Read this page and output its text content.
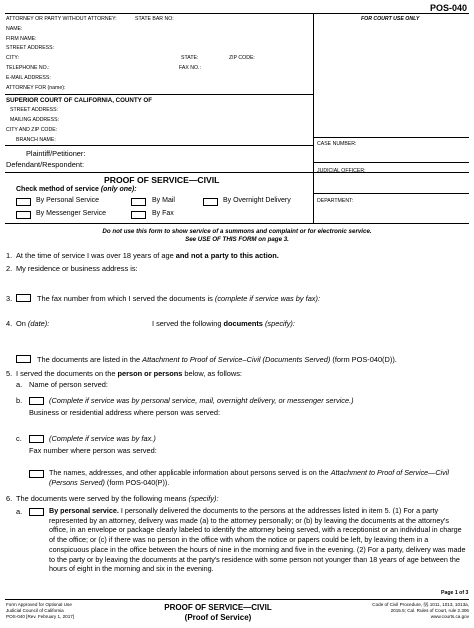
POS-040
ATTORNEY OR PARTY WITHOUT ATTORNEY:	STATE BAR NO:
NAME:
FIRM NAME:
STREET ADDRESS:
CITY:	STATE:	ZIP CODE:
TELEPHONE NO.:	FAX NO.:
E-MAIL ADDRESS:
ATTORNEY FOR (name):
FOR COURT USE ONLY
SUPERIOR COURT OF CALIFORNIA, COUNTY OF
STREET ADDRESS:
MAILING ADDRESS:
CITY AND ZIP CODE:
BRANCH NAME:
CASE NUMBER:
JUDICIAL OFFICER:
DEPARTMENT:
Plaintiff/Petitioner:
Defendant/Respondent:
PROOF OF SERVICE—CIVIL
Check method of service (only one):
By Personal Service	By Mail	By Overnight Delivery
By Messenger Service	By Fax
Do not use this form to show service of a summons and complaint or for electronic service.
See USE OF THIS FORM on page 3.
1. At the time of service I was over 18 years of age and not a party to this action.
2. My residence or business address is:
3.	The fax number from which I served the documents is (complete if service was by fax):
4. On (date):	I served the following documents (specify):
The documents are listed in the Attachment to Proof of Service–Civil (Documents Served) (form POS-040(D)).
5. I served the documents on the person or persons below, as follows:
a. Name of person served:
b.	(Complete if service was by personal service, mail, overnight delivery, or messenger service.)
Business or residential address where person was served:
c.	(Complete if service was by fax.)
Fax number where person was served:
The names, addresses, and other applicable information about persons served is on the Attachment to Proof of Service—Civil (Persons Served) (form POS-040(P)).
6. The documents were served by the following means (specify):
a.	By personal service. I personally delivered the documents to the persons at the addresses listed in item 5. (1) For a party represented by an attorney, delivery was made (a) to the attorney personally; or (b) by leaving the documents at the attorney's office, in an envelope or package clearly labeled to identify the attorney being served, with a receptionist or an individual in charge of the office; or (c) if there was no person in the office with whom the notice or papers could be left, by leaving them in a conspicuous place in the office between the hours of nine in the morning and five in the evening. (2) For a party, delivery was made to the party or by leaving the documents at the party's residence with some person not younger than 18 years of age between the hours of eight in the morning and six in the evening.
Page 1 of 3
Form Approved for Optional Use
Judicial Council of California
POS-040 [Rev. February 1, 2017]
PROOF OF SERVICE—CIVIL
(Proof of Service)
Code of Civil Procedure, §§ 1011, 1013, 1013a,
2015.5; Cal. Rules of Court, rule 2.306
www.courts.ca.gov
